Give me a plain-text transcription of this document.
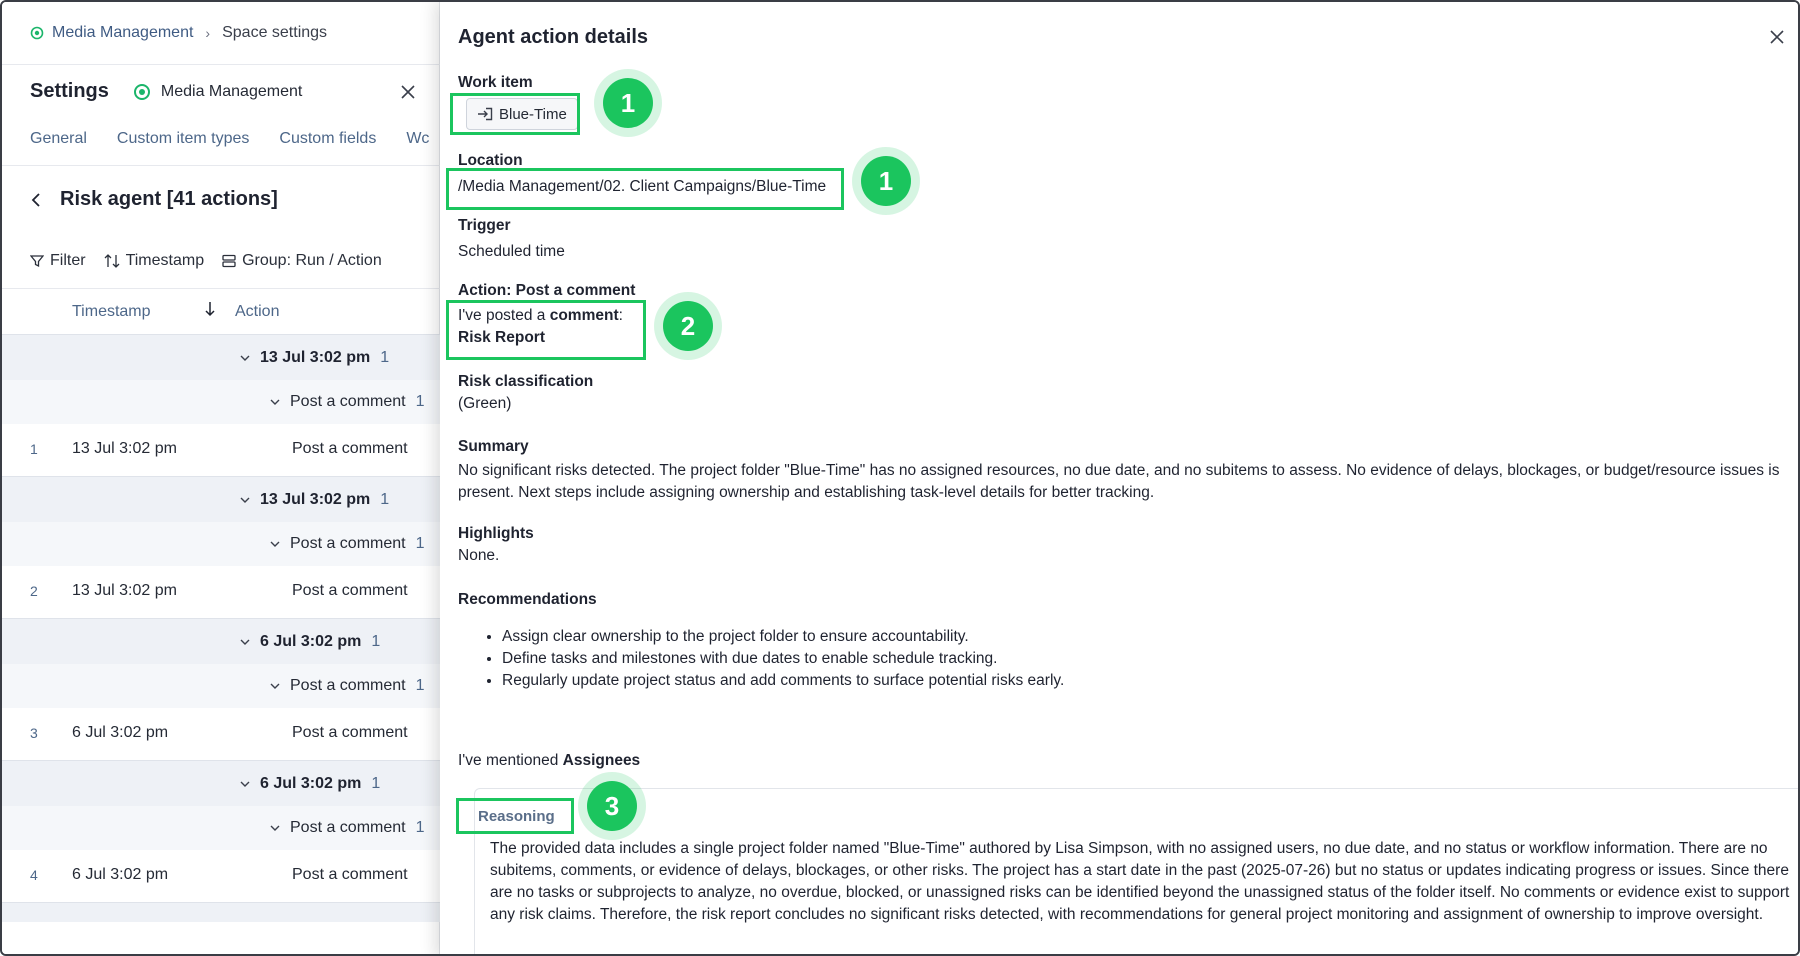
Media Management › Space settings
Settings	Media Management
General Custom item types Custom fields Wc
Risk agent [41 actions]
Filter	Timestamp Group: Run / Action
Timestamp	Action
13 Jul 3:02 pm 1
Post a comment 1
1 13 Jul 3:02 pm	Post a comment
13 Jul 3:02 pm 1
Post a comment 1
2 13 Jul 3:02 pm	Post a comment
6 Jul 3:02 pm 1
Post a comment 1
3 6 Jul 3:02 pm	Post a comment
6 Jul 3:02 pm 1
Post a comment 1
4 6 Jul 3:02 pm	Post a comment
Agent action details
Work item
Blue-Time
Location
/Media Management/02. Client Campaigns/Blue-Time
Trigger
Scheduled time
Action: Post a comment
I've posted a comment:
Risk Report
Risk classification
(Green)
Summary
No significant risks detected. The project folder "Blue-Time" has no assigned resources, no due date, and no subitems to assess. No evidence of delays, blockages, or budget/resource issues is present. Next steps include assigning ownership and establishing task-level details for better tracking.
Highlights
None.
Recommendations
• Assign clear ownership to the project folder to ensure accountability.
• Define tasks and milestones with due dates to enable schedule tracking.
• Regularly update project status and add comments to surface potential risks early.
I've mentioned Assignees
Reasoning
The provided data includes a single project folder named "Blue-Time" authored by Lisa Simpson, with no assigned users, no due date, and no status or workflow information. There are no subitems, comments, or evidence of delays, blockages, or other risks. The project has a start date in the past (2025-07-26) but no status or updates indicating progress or issues. Since there are no tasks or subprojects to analyze, no overdue, blocked, or unassigned risks can be identified beyond the unassigned status of the folder itself. No comments or evidence exist to support any risk claims. Therefore, the risk report concludes no significant risks detected, with recommendations for general project monitoring and assignment of ownership to improve oversight.
1
1
2
3
